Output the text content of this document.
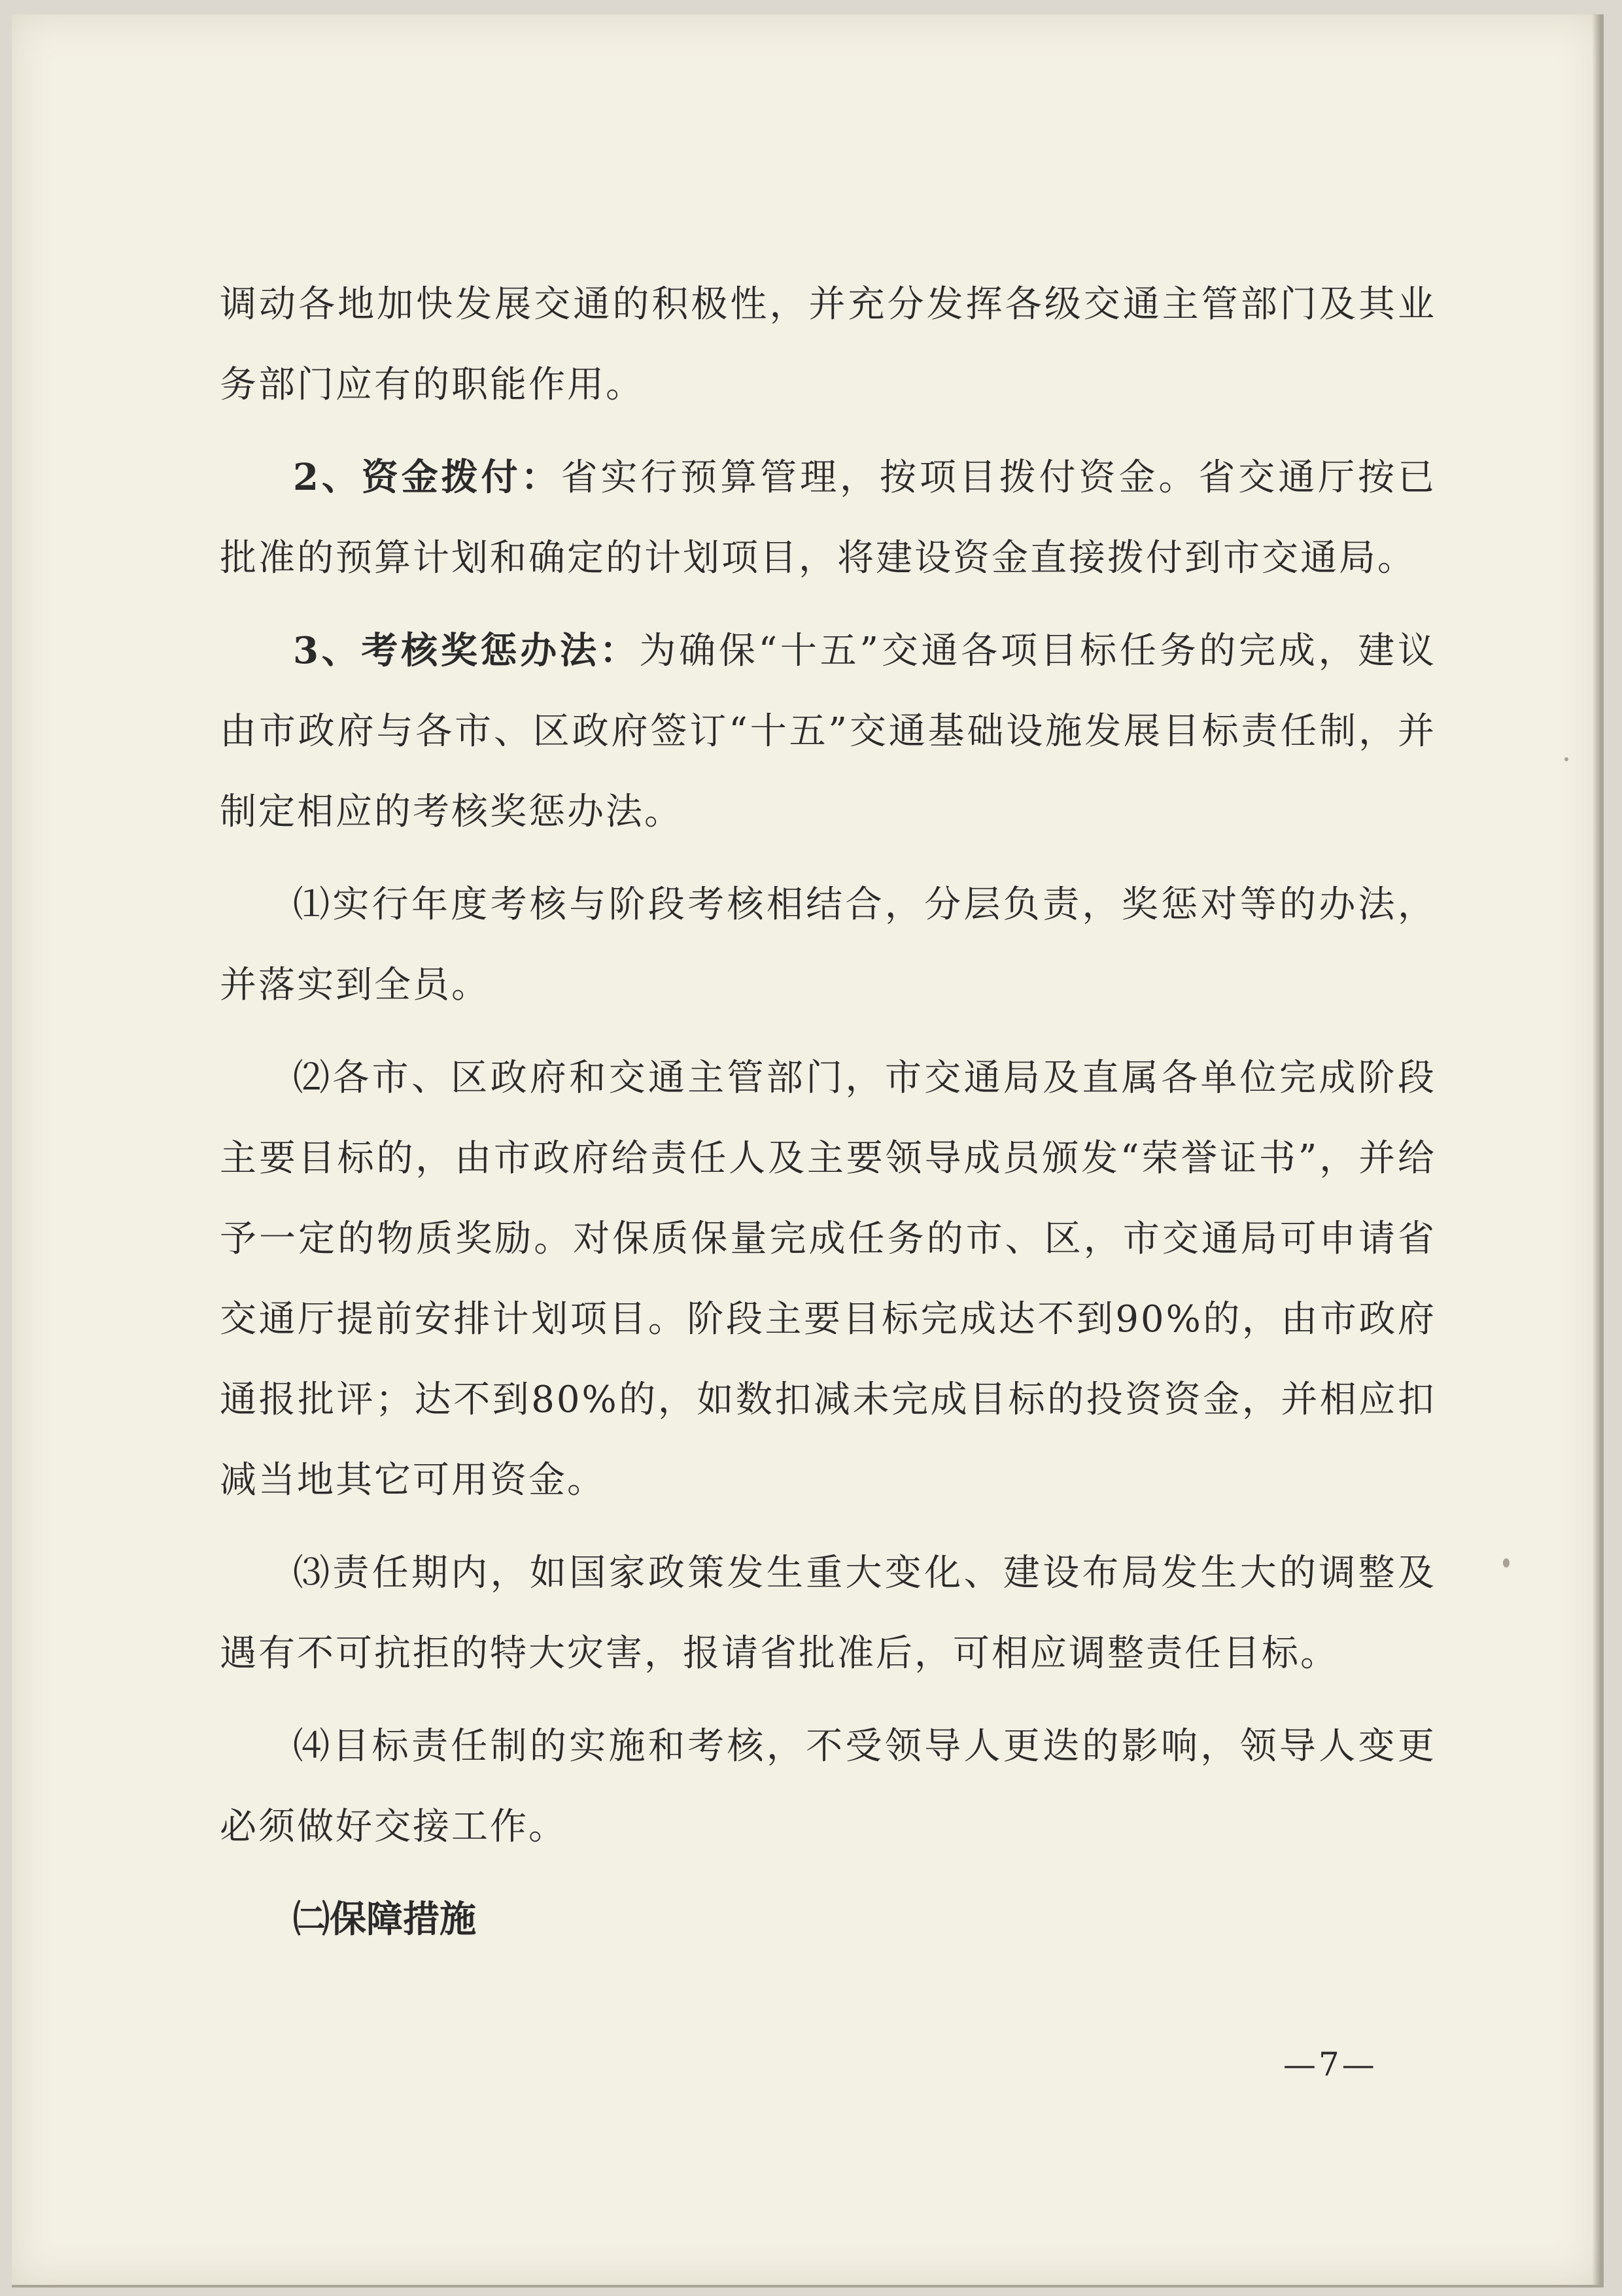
调动各地加快发展交通的积极性，并充分发挥各级交通主管部门及其业务部门应有的职能作用。

2、资金拨付：省实行预算管理，按项目拨付资金。省交通厅按已批准的预算计划和确定的计划项目，将建设资金直接拨付到市交通局。

3、考核奖惩办法：为确保“十五”交通各项目标任务的完成，建议由市政府与各市、区政府签订“十五”交通基础设施发展目标责任制，并制定相应的考核奖惩办法。

⑴实行年度考核与阶段考核相结合，分层负责，奖惩对等的办法，并落实到全员。

⑵各市、区政府和交通主管部门，市交通局及直属各单位完成阶段主要目标的，由市政府给责任人及主要领导成员颁发“荣誉证书”，并给予一定的物质奖励。对保质保量完成任务的市、区，市交通局可申请省交通厅提前安排计划项目。阶段主要目标完成达不到90%的，由市政府通报批评；达不到80%的，如数扣减未完成目标的投资资金，并相应扣减当地其它可用资金。

⑶责任期内，如国家政策发生重大变化、建设布局发生大的调整及遇有不可抗拒的特大灾害，报请省批准后，可相应调整责任目标。

⑷目标责任制的实施和考核，不受领导人更迭的影响，领导人变更必须做好交接工作。

㈡保障措施

—7—
